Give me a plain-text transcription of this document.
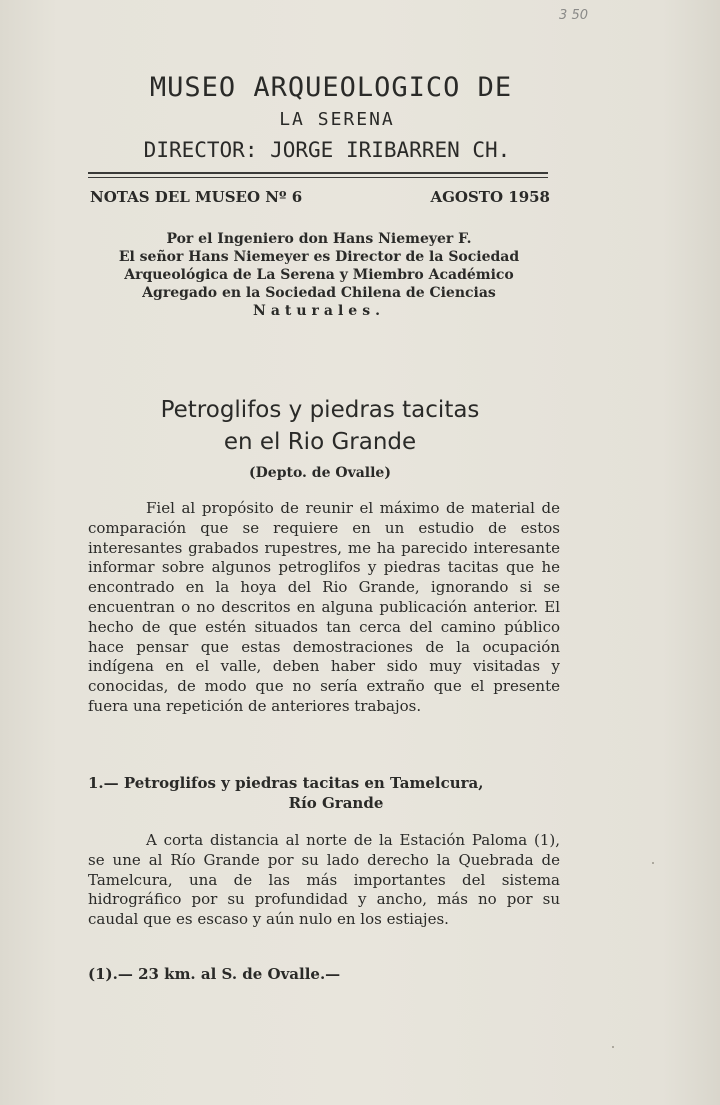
3 50
MUSEO ARQUEOLOGICO DE
LA SERENA
DIRECTOR: JORGE IRIBARREN CH.
NOTAS DEL MUSEO Nº 6	AGOSTO 1958
Por el Ingeniero don Hans Niemeyer F.
El señor Hans Niemeyer es Director de la Sociedad
Arqueológica de La Serena y Miembro Académico
Agregado en la Sociedad Chilena de Ciencias
Naturales.
Petroglifos y piedras tacitas
en el Rio Grande
(Depto. de Ovalle)
Fiel al propósito de reunir el máximo de material de comparación que se requiere en un estudio de estos interesantes grabados rupestres, me ha parecido interesante informar sobre algunos petroglifos y piedras tacitas que he encontrado en la hoya del Rio Grande, ignorando si se encuentran o no descritos en alguna publicación anterior. El hecho de que estén situados tan cerca del camino público hace pensar que estas demostraciones de la ocupación indígena en el valle, deben haber sido muy visitadas y conocidas, de modo que no sería extraño que el presente fuera una repetición de anteriores trabajos.
1.— Petroglifos y piedras tacitas en Tamelcura,
Río Grande
A corta distancia al norte de la Estación Paloma (1), se une al Río Grande por su lado derecho la Quebrada de Tamelcura, una de las más importantes del sistema hidrográfico por su profundidad y ancho, más no por su caudal que es escaso y aún nulo en los estiajes.
(1).— 23 km. al S. de Ovalle.—
